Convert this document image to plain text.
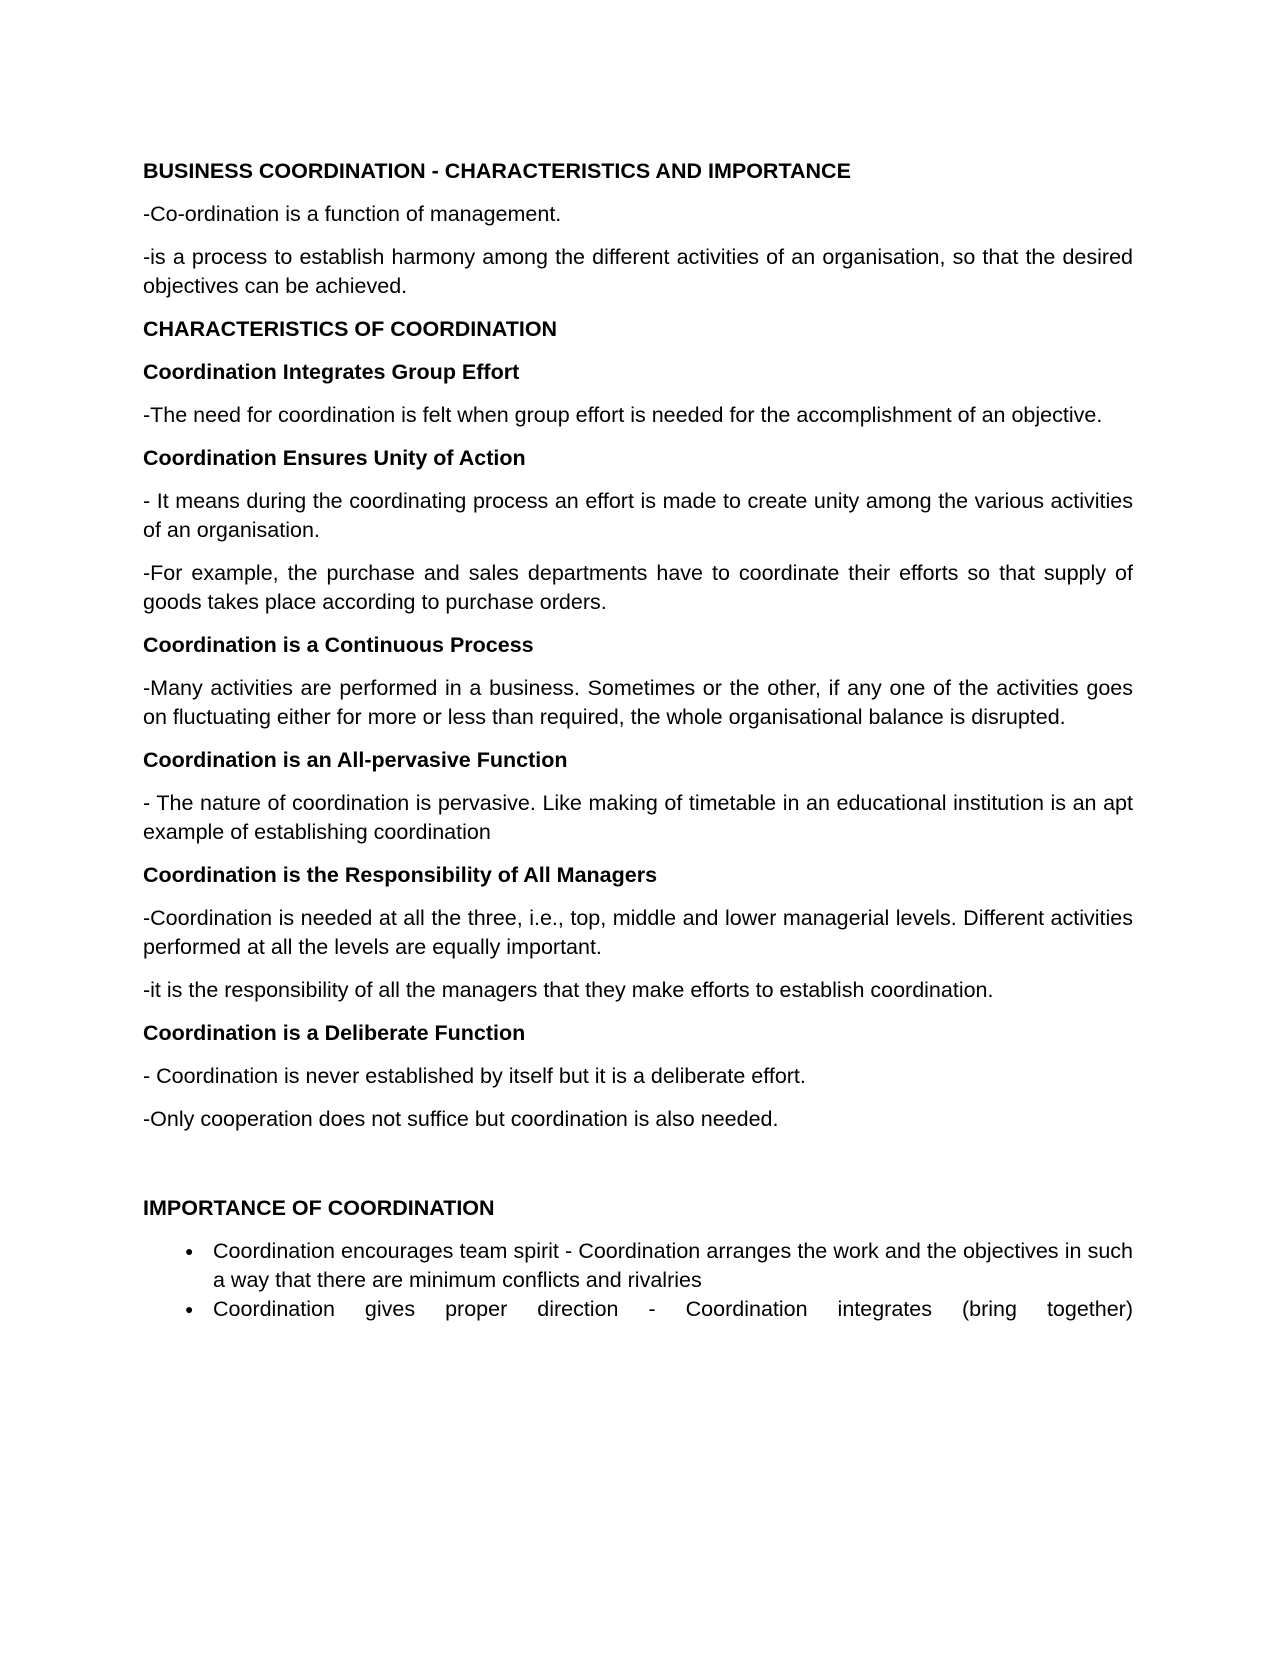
BUSINESS COORDINATION - CHARACTERISTICS AND IMPORTANCE

-Co-ordination is a function of management.

-is a process to establish harmony among the different activities of an organisation, so that the desired objectives can be achieved.

CHARACTERISTICS OF COORDINATION
Coordination Integrates Group Effort

-The need for coordination is felt when group effort is needed for the accomplishment of an objective.

Coordination Ensures Unity of Action

- It means during the coordinating process an effort is made to create unity among the various activities of an organisation.

-For example, the purchase and sales departments have to coordinate their efforts so that supply of goods takes place according to purchase orders.

Coordination is a Continuous Process

-Many activities are performed in a business. Sometimes or the other, if any one of the activities goes on fluctuating either for more or less than required, the whole organisational balance is disrupted.

Coordination is an All-pervasive Function

- The nature of coordination is pervasive. Like making of timetable in an educational institution is an apt example of establishing coordination

Coordination is the Responsibility of All Managers

-Coordination is needed at all the three, i.e., top, middle and lower managerial levels. Different activities performed at all the levels are equally important.

-it is the responsibility of all the managers that they make efforts to establish coordination.

Coordination is a Deliberate Function

- Coordination is never established by itself but it is a deliberate effort.

-Only cooperation does not suffice but coordination is also needed.

IMPORTANCE OF COORDINATION
● Coordination encourages team spirit - Coordination arranges the work and the objectives in such a way that there are minimum conflicts and rivalries
● Coordination gives proper direction - Coordination integrates (bring together)
